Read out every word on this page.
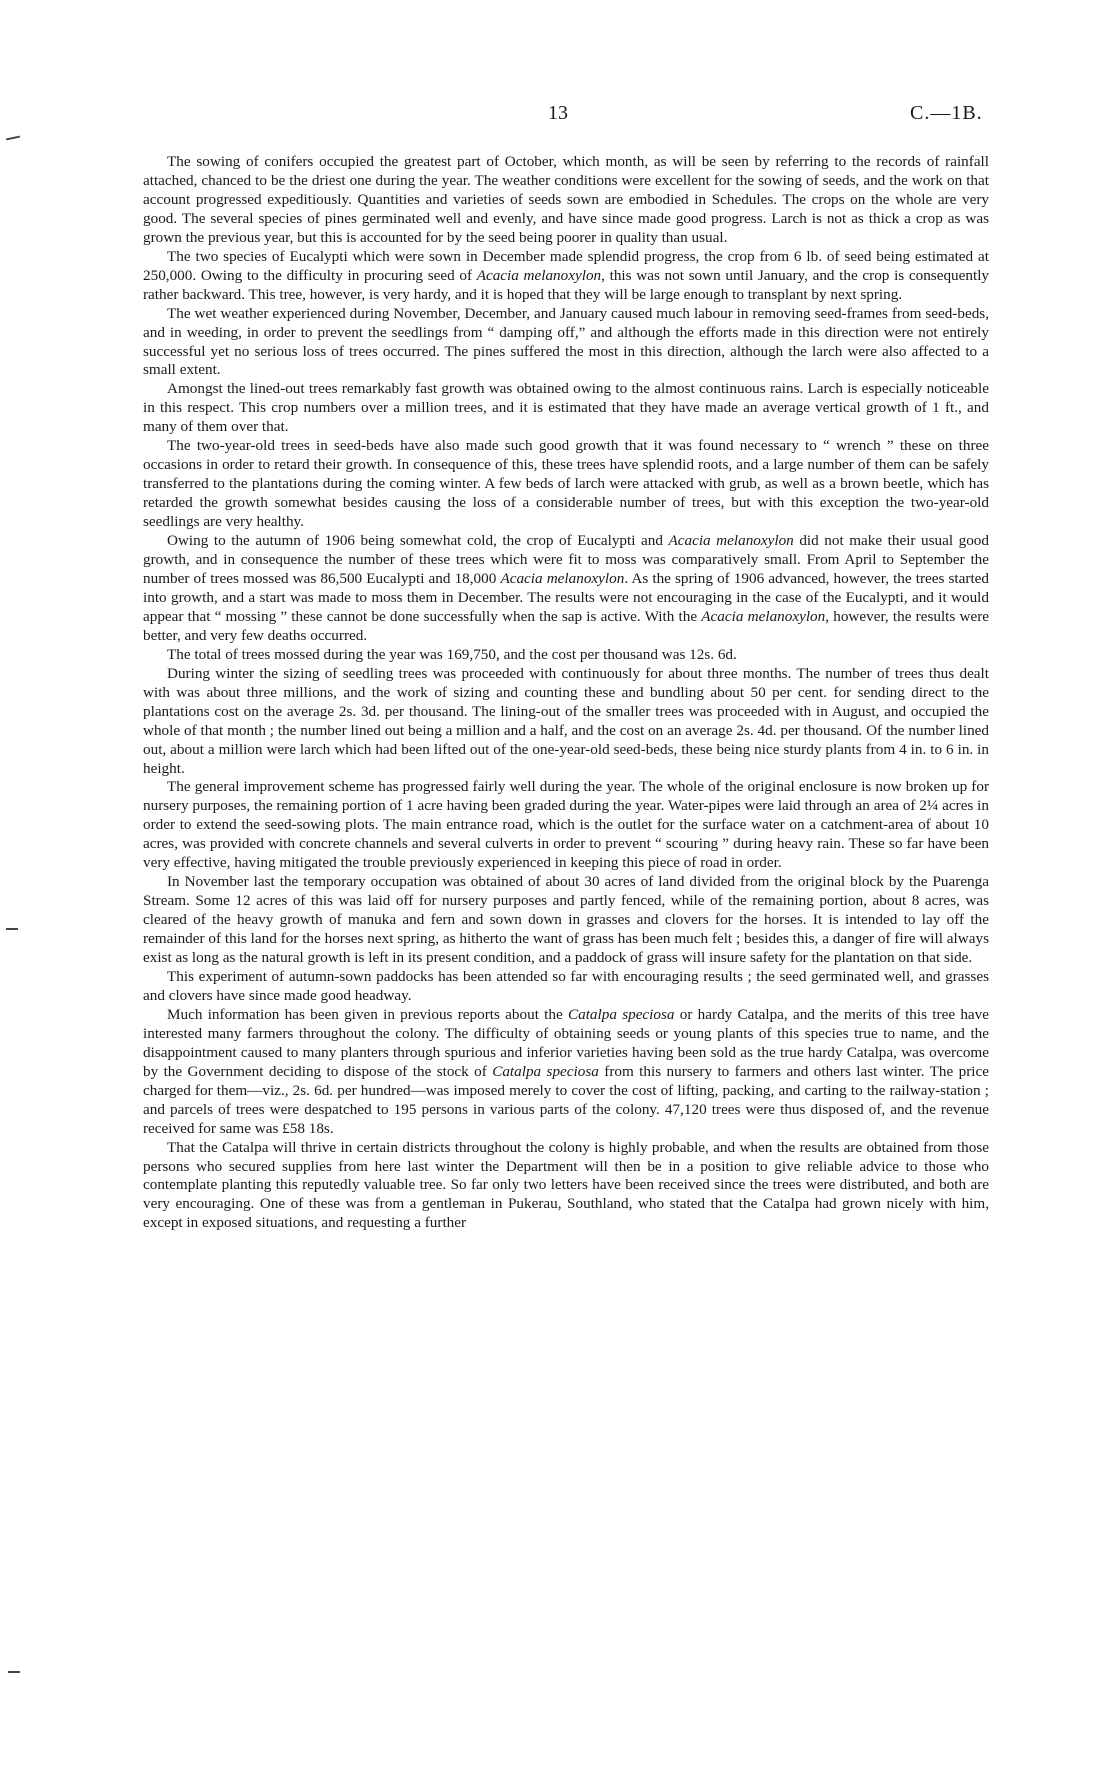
13	C.—1B.

The sowing of conifers occupied the greatest part of October, which month, as will be seen by referring to the records of rainfall attached, chanced to be the driest one during the year. The weather conditions were excellent for the sowing of seeds, and the work on that account progressed expeditiously. Quantities and varieties of seeds sown are embodied in Schedules. The crops on the whole are very good. The several species of pines germinated well and evenly, and have since made good progress. Larch is not as thick a crop as was grown the previous year, but this is accounted for by the seed being poorer in quality than usual.

The two species of Eucalypti which were sown in December made splendid progress, the crop from 6 lb. of seed being estimated at 250,000. Owing to the difficulty in procuring seed of Acacia melanoxylon, this was not sown until January, and the crop is consequently rather backward. This tree, however, is very hardy, and it is hoped that they will be large enough to transplant by next spring.

The wet weather experienced during November, December, and January caused much labour in removing seed-frames from seed-beds, and in weeding, in order to prevent the seedlings from “ damping off,” and although the efforts made in this direction were not entirely successful yet no serious loss of trees occurred. The pines suffered the most in this direction, although the larch were also affected to a small extent.

Amongst the lined-out trees remarkably fast growth was obtained owing to the almost continuous rains. Larch is especially noticeable in this respect. This crop numbers over a million trees, and it is estimated that they have made an average vertical growth of 1 ft., and many of them over that.

The two-year-old trees in seed-beds have also made such good growth that it was found necessary to “ wrench ” these on three occasions in order to retard their growth. In consequence of this, these trees have splendid roots, and a large number of them can be safely transferred to the plantations during the coming winter. A few beds of larch were attacked with grub, as well as a brown beetle, which has retarded the growth somewhat besides causing the loss of a considerable number of trees, but with this exception the two-year-old seedlings are very healthy.

Owing to the autumn of 1906 being somewhat cold, the crop of Eucalypti and Acacia melanoxylon did not make their usual good growth, and in consequence the number of these trees which were fit to moss was comparatively small. From April to September the number of trees mossed was 86,500 Eucalypti and 18,000 Acacia melanoxylon. As the spring of 1906 advanced, however, the trees started into growth, and a start was made to moss them in December. The results were not encouraging in the case of the Eucalypti, and it would appear that “ mossing ” these cannot be done successfully when the sap is active. With the Acacia melanoxylon, however, the results were better, and very few deaths occurred.

The total of trees mossed during the year was 169,750, and the cost per thousand was 12s. 6d.

During winter the sizing of seedling trees was proceeded with continuously for about three months. The number of trees thus dealt with was about three millions, and the work of sizing and counting these and bundling about 50 per cent. for sending direct to the plantations cost on the average 2s. 3d. per thousand. The lining-out of the smaller trees was proceeded with in August, and occupied the whole of that month ; the number lined out being a million and a half, and the cost on an average 2s. 4d. per thousand. Of the number lined out, about a million were larch which had been lifted out of the one-year-old seed-beds, these being nice sturdy plants from 4 in. to 6 in. in height.

The general improvement scheme has progressed fairly well during the year. The whole of the original enclosure is now broken up for nursery purposes, the remaining portion of 1 acre having been graded during the year. Water-pipes were laid through an area of 2¼ acres in order to extend the seed-sowing plots. The main entrance road, which is the outlet for the surface water on a catchment-area of about 10 acres, was provided with concrete channels and several culverts in order to prevent “ scouring ” during heavy rain. These so far have been very effective, having mitigated the trouble previously experienced in keeping this piece of road in order.

In November last the temporary occupation was obtained of about 30 acres of land divided from the original block by the Puarenga Stream. Some 12 acres of this was laid off for nursery purposes and partly fenced, while of the remaining portion, about 8 acres, was cleared of the heavy growth of manuka and fern and sown down in grasses and clovers for the horses. It is intended to lay off the remainder of this land for the horses next spring, as hitherto the want of grass has been much felt ; besides this, a danger of fire will always exist as long as the natural growth is left in its present condition, and a paddock of grass will insure safety for the plantation on that side.

This experiment of autumn-sown paddocks has been attended so far with encouraging results ; the seed germinated well, and grasses and clovers have since made good headway.

Much information has been given in previous reports about the Catalpa speciosa or hardy Catalpa, and the merits of this tree have interested many farmers throughout the colony. The difficulty of obtaining seeds or young plants of this species true to name, and the disappointment caused to many planters through spurious and inferior varieties having been sold as the true hardy Catalpa, was overcome by the Government deciding to dispose of the stock of Catalpa speciosa from this nursery to farmers and others last winter. The price charged for them—viz., 2s. 6d. per hundred—was imposed merely to cover the cost of lifting, packing, and carting to the railway-station ; and parcels of trees were despatched to 195 persons in various parts of the colony. 47,120 trees were thus disposed of, and the revenue received for same was £58 18s.

That the Catalpa will thrive in certain districts throughout the colony is highly probable, and when the results are obtained from those persons who secured supplies from here last winter the Department will then be in a position to give reliable advice to those who contemplate planting this reputedly valuable tree. So far only two letters have been received since the trees were distributed, and both are very encouraging. One of these was from a gentleman in Pukerau, Southland, who stated that the Catalpa had grown nicely with him, except in exposed situations, and requesting a further
